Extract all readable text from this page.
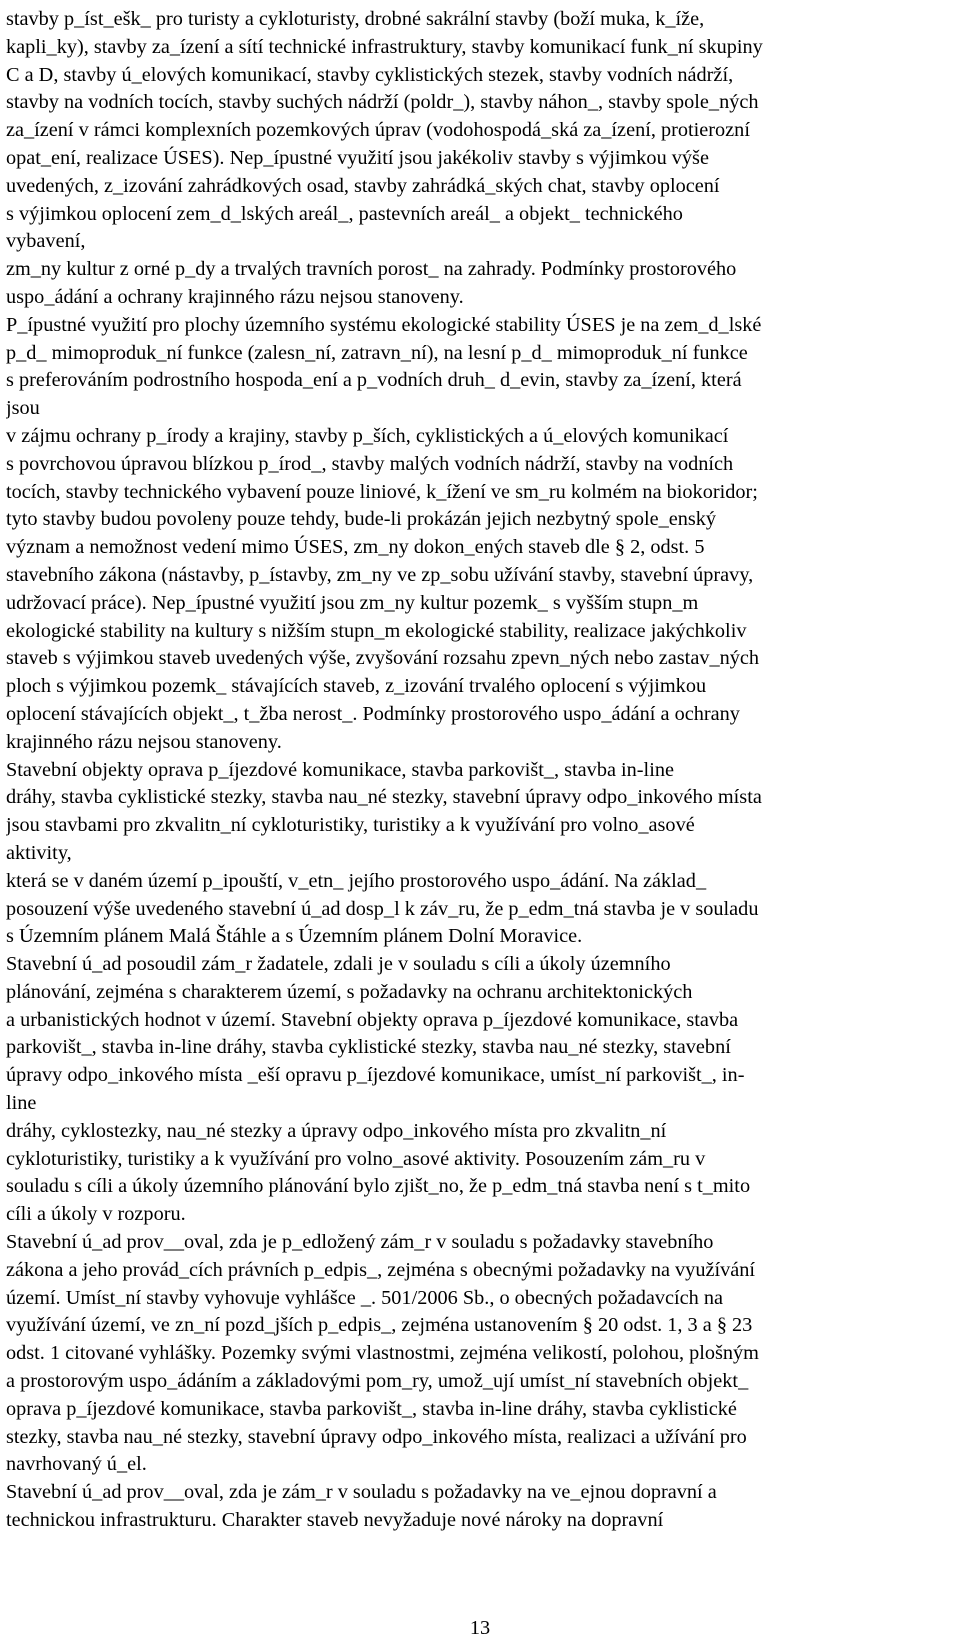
stavby p_íst_ešk_ pro turisty a cykloturisty, drobné sakrální stavby (boží muka, k_íže,
kapli_ky), stavby za_ízení a sítí technické infrastruktury, stavby komunikací funk_ní skupiny
C a D, stavby ú_elových komunikací, stavby cyklistických stezek, stavby vodních nádrží,
stavby na vodních tocích, stavby suchých nádrží (poldr_), stavby náhon_, stavby spole_ných
za_ízení v rámci komplexních pozemkových úprav (vodohospodá_ská za_ízení, protierozní
opat_ení, realizace ÚSES). Nep_ípustné využití jsou jakékoliv stavby s výjimkou výše
uvedených, z_izování zahrádkových osad, stavby zahrádká_ských chat, stavby oplocení
s výjimkou oplocení zem_d_lských areál_, pastevních areál_ a objekt_ technického
vybavení,
zm_ny kultur z orné p_dy a trvalých travních porost_ na zahrady. Podmínky prostorového
uspo_ádání a ochrany krajinného rázu nejsou stanoveny.
P_ípustné využití pro plochy územního systému ekologické stability ÚSES je na zem_d_lské
p_d_ mimoproduk_ní funkce (zalesn_ní, zatravn_ní), na lesní p_d_ mimoproduk_ní funkce
s preferováním podrostního hospoda_ení a p_vodních druh_ d_evin, stavby za_ízení, která
jsou
v zájmu ochrany p_írody a krajiny, stavby p_ších, cyklistických a ú_elových komunikací
s povrchovou úpravou blízkou p_írod_, stavby malých vodních nádrží, stavby na vodních
tocích, stavby technického vybavení pouze liniové, k_ížení ve sm_ru kolmém na biokoridor;
tyto stavby budou povoleny pouze tehdy, bude-li prokázán jejich nezbytný spole_enský
význam a nemožnost vedení mimo ÚSES, zm_ny dokon_ených staveb dle § 2, odst. 5
stavebního zákona (nástavby, p_ístavby, zm_ny ve zp_sobu užívání stavby, stavební úpravy,
udržovací práce). Nep_ípustné využití jsou zm_ny kultur pozemk_ s vyšším stupn_m
ekologické stability na kultury s nižším stupn_m ekologické stability, realizace jakýchkoliv
staveb s výjimkou staveb uvedených výše, zvyšování rozsahu zpevn_ných nebo zastav_ných
ploch s výjimkou pozemk_ stávajících staveb, z_izování trvalého oplocení s výjimkou
oplocení stávajících objekt_, t_žba nerost_. Podmínky prostorového uspo_ádání a ochrany
krajinného rázu nejsou stanoveny.
Stavební objekty oprava p_íjezdové komunikace, stavba parkovišt_, stavba in-line
dráhy, stavba cyklistické stezky, stavba nau_né stezky, stavební úpravy odpo_inkového místa
jsou stavbami pro zkvalitn_ní cykloturistiky, turistiky a k využívání pro volno_asové
aktivity,
která se v daném území p_ipouští, v_etn_ jejího prostorového uspo_ádání. Na základ_
posouzení výše uvedeného stavební ú_ad dosp_l k záv_ru, že p_edm_tná stavba je v souladu
s Územním plánem Malá Štáhle a s Územním plánem Dolní Moravice.
Stavební ú_ad posoudil zám_r žadatele, zdali je v souladu s cíli a úkoly územního
plánování, zejména s charakterem území, s požadavky na ochranu architektonických
a urbanistických hodnot v území. Stavební objekty oprava p_íjezdové komunikace, stavba
parkovišt_, stavba in-line dráhy, stavba cyklistické stezky, stavba nau_né stezky, stavební
úpravy odpo_inkového místa _eší opravu p_íjezdové komunikace, umíst_ní parkovišt_, in-
line
dráhy, cyklostezky, nau_né stezky a úpravy odpo_inkového místa pro zkvalitn_ní
cykloturistiky, turistiky a k využívání pro volno_asové aktivity. Posouzením zám_ru v
souladu s cíli a úkoly územního plánování bylo zjišt_no, že p_edm_tná stavba není s t_mito
cíli a úkoly v rozporu.
Stavební ú_ad prov__oval, zda je p_edložený zám_r v souladu s požadavky stavebního
zákona a jeho provád_cích právních p_edpis_, zejména s obecnými požadavky na využívání
území. Umíst_ní stavby vyhovuje vyhlášce _. 501/2006 Sb., o obecných požadavcích na
využívání území, ve zn_ní pozd_jších p_edpis_, zejména ustanovením § 20 odst. 1, 3 a § 23
odst. 1 citované vyhlášky. Pozemky svými vlastnostmi, zejména velikostí, polohou, plošným
a prostorovým uspo_ádáním a základovými pom_ry, umož_ují umíst_ní stavebních objekt_
oprava p_íjezdové komunikace, stavba parkovišt_, stavba in-line dráhy, stavba cyklistické
stezky, stavba nau_né stezky, stavební úpravy odpo_inkového místa, realizaci a užívání pro
navrhovaný ú_el.
Stavební ú_ad prov__oval, zda je zám_r v souladu s požadavky na ve_ejnou dopravní a
technickou infrastrukturu. Charakter staveb nevyžaduje nové nároky na dopravní
13
